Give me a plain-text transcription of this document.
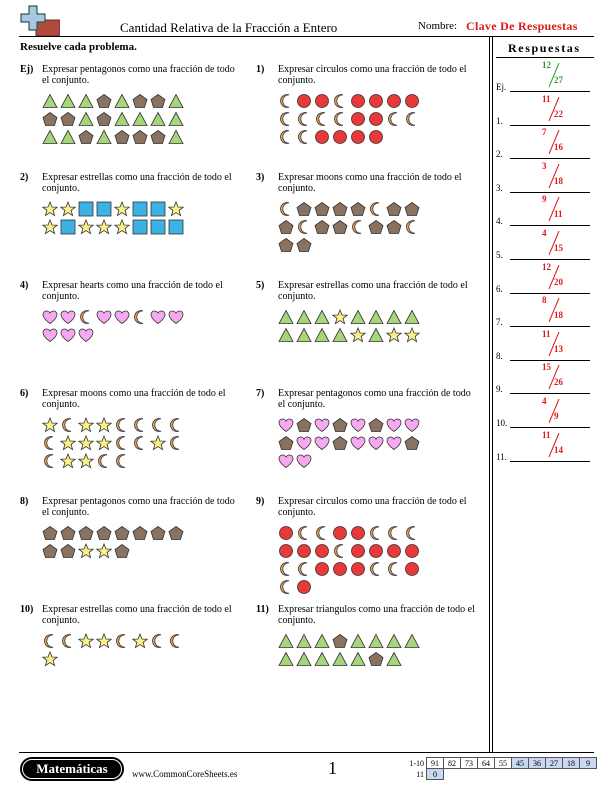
Cantidad Relativa de la Fracción a Entero	Nombre: Clave De Respuestas
Resuelve cada problema.	Respuestas
Ej) Expresar pentagonos como una fracción de todo el conjunto.
1) Expresar circulos como una fracción de todo el conjunto.
2) Expresar estrellas como una fracción de todo el conjunto.
3) Expresar moons como una fracción de todo el conjunto.
4) Expresar hearts como una fracción de todo el conjunto.
5) Expresar estrellas como una fracción de todo el conjunto.
6) Expresar moons como una fracción de todo el conjunto.
7) Expresar pentagonos como una fracción de todo el conjunto.
8) Expresar pentagonos como una fracción de todo el conjunto.
9) Expresar circulos como una fracción de todo el conjunto.
10) Expresar estrellas como una fracción de todo el conjunto.
11) Expresar triangulos como una fracción de todo el conjunto.
Ej.
12
27
1.
11
22
2.
7
16
3.
3
18
4.
9
11
5.
4
15
6.
12
20
7.
8
18
8.
11
13
9.
15
26
10.
4
9
11.
11
14
Matemáticas	www.CommonCoreSheets.es	1	1-10	91	82	73	64	55	45	36	27	18	9
11	0									
